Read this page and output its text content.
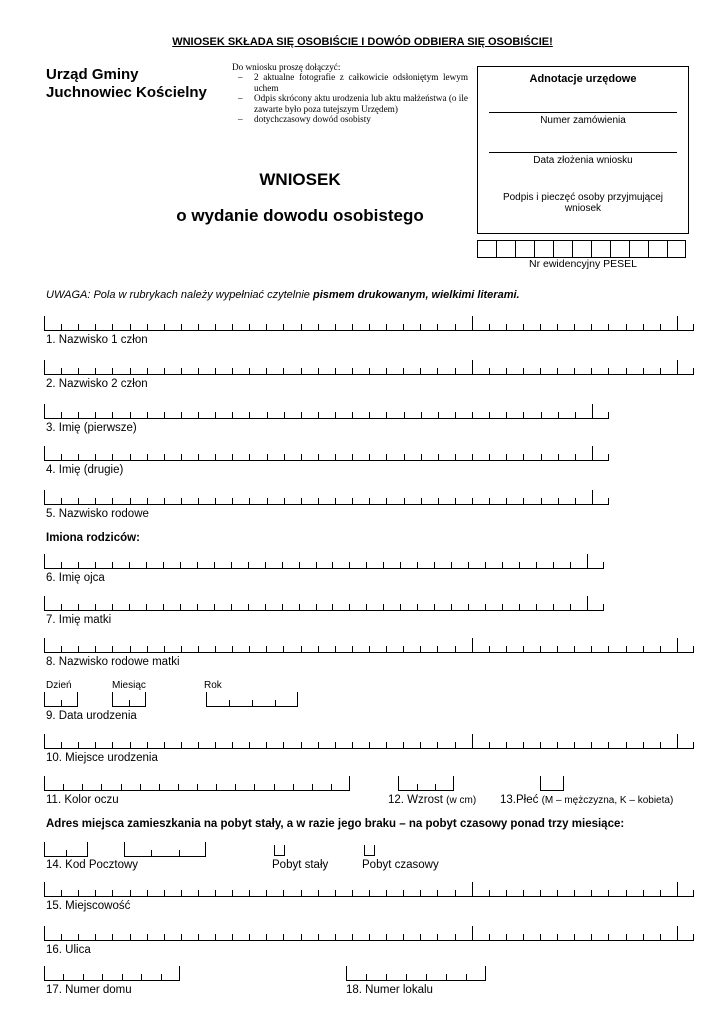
WNIOSEK SKŁADA SIĘ OSOBIŚCIE I DOWÓD ODBIERA SIĘ OSOBIŚCIE!
Urząd Gminy
Juchnowiec Kościelny
Do wniosku proszę dołączyć:
– 2 aktualne fotografie z całkowicie odsłoniętym lewym uchem
– Odpis skrócony aktu urodzenia lub aktu małżeństwa (o ile zawarte było poza tutejszym Urzędem)
– dotychczasowy dowód osobisty
Adnotacje urzędowe
Numer zamówienia
Data złożenia wniosku
Podpis i pieczęć osoby przyjmującej wniosek
WNIOSEK
o wydanie dowodu osobistego
Nr ewidencyjny PESEL
UWAGA: Pola w rubrykach należy wypełniać czytelnie pismem drukowanym, wielkimi literami.
1. Nazwisko 1 człon
2. Nazwisko 2 człon
3. Imię (pierwsze)
4. Imię (drugie)
5. Nazwisko rodowe
Imiona rodziców:
6. Imię ojca
7. Imię matki
8. Nazwisko rodowe matki
Dzień	Miesiąc	Rok
9. Data urodzenia
10. Miejsce urodzenia
11. Kolor oczu	12. Wzrost (w cm) 13.Płeć (M – mężczyzna, K – kobieta)
Adres miejsca zamieszkania na pobyt stały, a w razie jego braku – na pobyt czasowy ponad trzy miesiące:
14. Kod Pocztowy	Pobyt stały	Pobyt czasowy
15. Miejscowość
16. Ulica
17. Numer domu	18. Numer lokalu
